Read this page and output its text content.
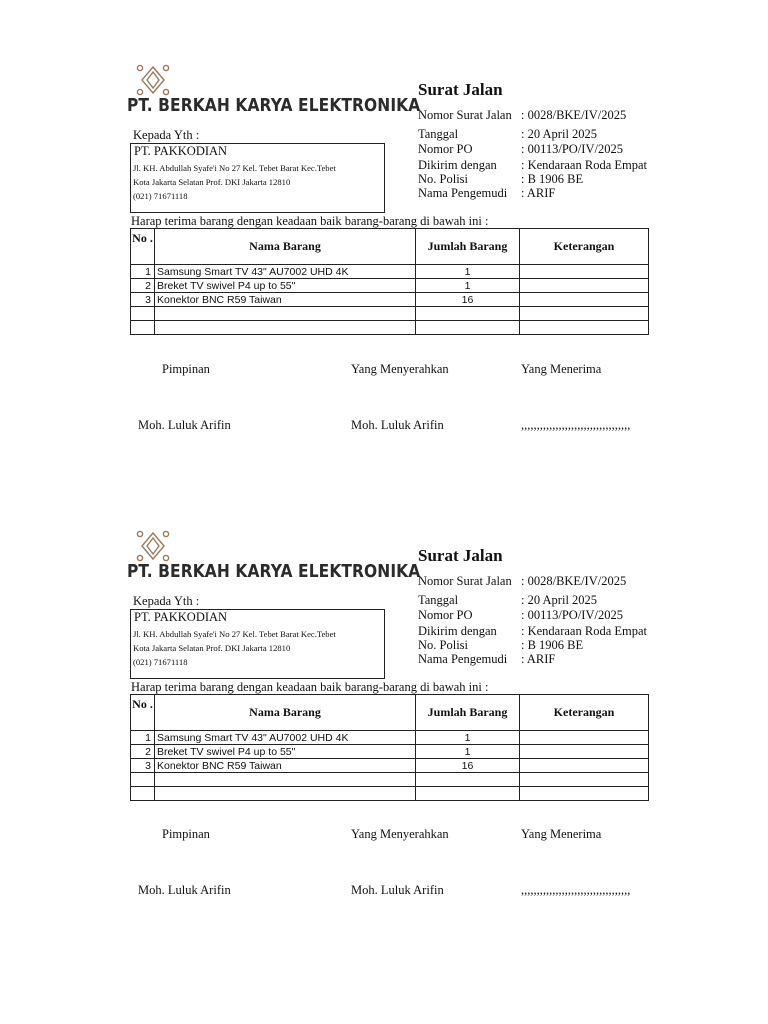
PT. BERKAH KARYA ELEKTRONIKA
Surat Jalan
Nomor Surat Jalan : 0028/BKE/IV/2025
Tanggal	: 20 April 2025
Nomor PO	: 00113/PO/IV/2025
Dikirim dengan : Kendaraan Roda Empat
No. Polisi	: B 1906 BE
Nama Pengemudi : ARIF
Kepada Yth :
PT. PAKKODIAN
Jl. KH. Abdullah Syafe'i No 27 Kel. Tebet Barat Kec.Tebet
Kota Jakarta Selatan Prof. DKI Jakarta 12810
(021) 71671118
Harap terima barang dengan keadaan baik barang-barang di bawah ini :
No .	Nama Barang	Jumlah Barang	Keterangan
1	Samsung Smart TV 43" AU7002 UHD 4K	1	
2	Breket TV swivel P4 up to 55"	1	
3	Konektor BNC R59 Taiwan	16	

Pimpinan	Yang Menyerahkan	Yang Menerima
Moh. Luluk Arifin	Moh. Luluk Arifin	,,,,,,,,,,,,,,,,,,,,,,,,,,,,,,,,,,,
PT. BERKAH KARYA ELEKTRONIKA
Surat Jalan
Nomor Surat Jalan : 0028/BKE/IV/2025
Tanggal	: 20 April 2025
Nomor PO	: 00113/PO/IV/2025
Dikirim dengan : Kendaraan Roda Empat
No. Polisi	: B 1906 BE
Nama Pengemudi : ARIF
Kepada Yth :
PT. PAKKODIAN
Jl. KH. Abdullah Syafe'i No 27 Kel. Tebet Barat Kec.Tebet
Kota Jakarta Selatan Prof. DKI Jakarta 12810
(021) 71671118
Harap terima barang dengan keadaan baik barang-barang di bawah ini :
No .	Nama Barang	Jumlah Barang	Keterangan
1	Samsung Smart TV 43" AU7002 UHD 4K	1	
2	Breket TV swivel P4 up to 55"	1	
3	Konektor BNC R59 Taiwan	16	

Pimpinan	Yang Menyerahkan	Yang Menerima
Moh. Luluk Arifin	Moh. Luluk Arifin	,,,,,,,,,,,,,,,,,,,,,,,,,,,,,,,,,,,
